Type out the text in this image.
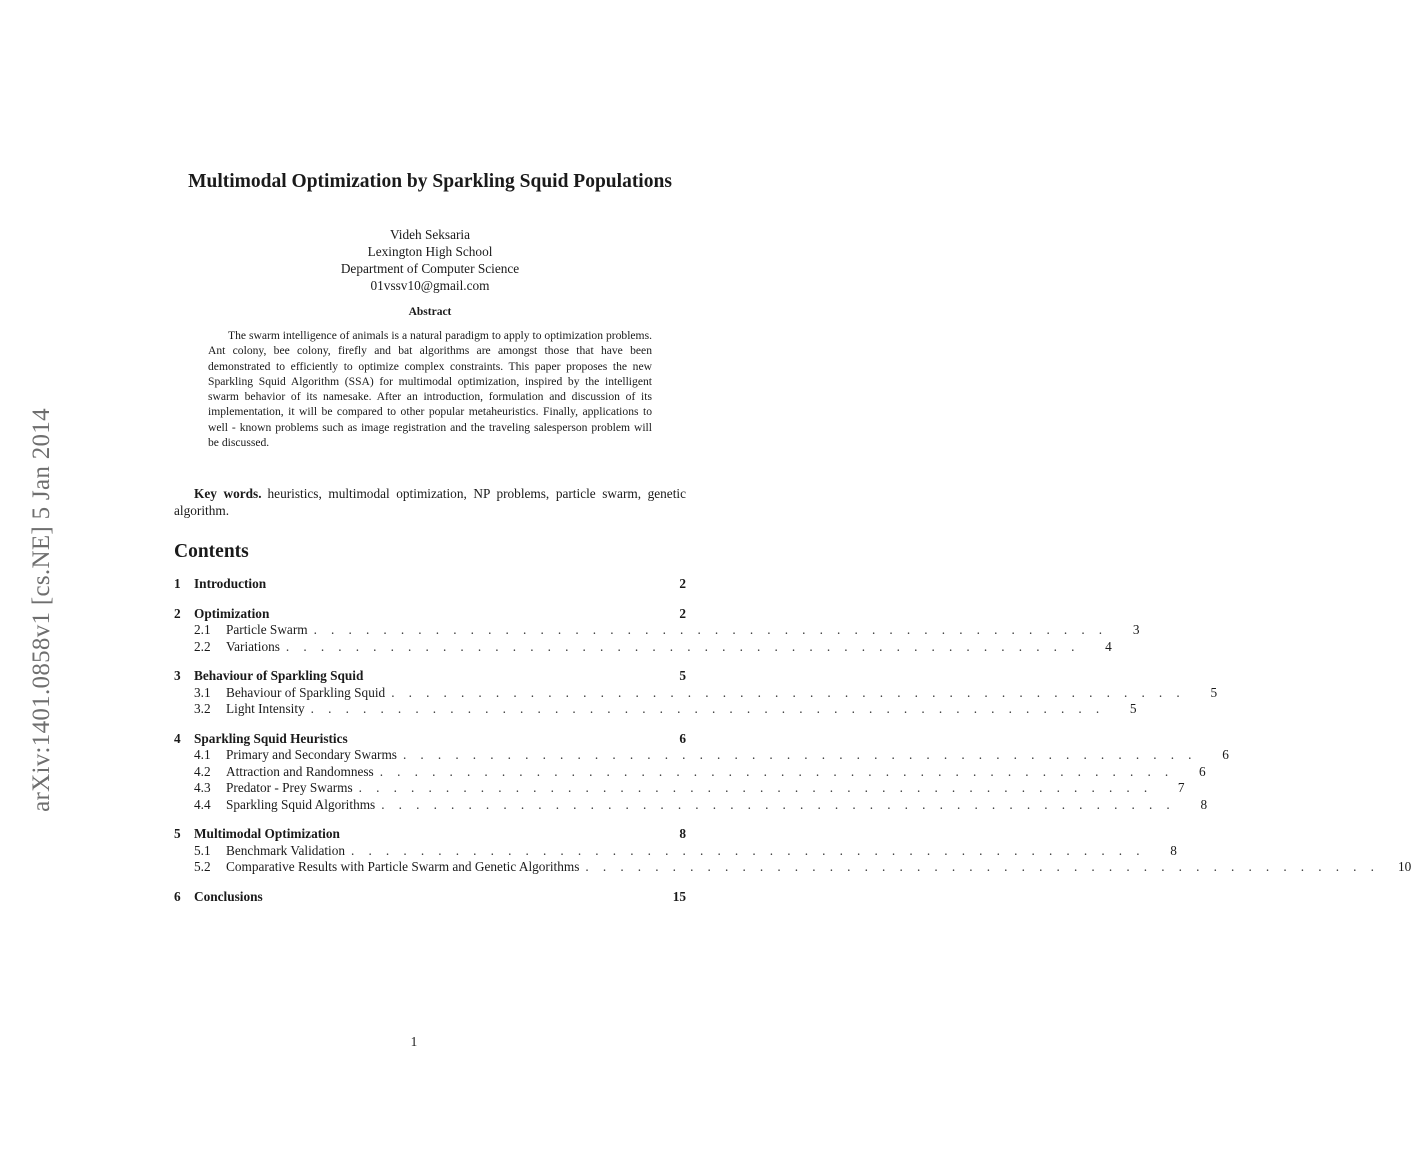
arXiv:1401.0858v1 [cs.NE] 5 Jan 2014
Multimodal Optimization by Sparkling Squid Populations
Videh Seksaria
Lexington High School
Department of Computer Science
01vssv10@gmail.com
Abstract

The swarm intelligence of animals is a natural paradigm to apply to optimization problems. Ant colony, bee colony, firefly and bat algorithms are amongst those that have been demonstrated to efficiently to optimize complex constraints. This paper proposes the new Sparkling Squid Algorithm (SSA) for multimodal optimization, inspired by the intelligent swarm behavior of its namesake. After an introduction, formulation and discussion of its implementation, it will be compared to other popular metaheuristics. Finally, applications to well - known problems such as image registration and the traveling salesperson problem will be discussed.

Key words. heuristics, multimodal optimization, NP problems, particle swarm, genetic algorithm.

Contents
1	Introduction	2
2	Optimization	2
2.1	Particle Swarm . . . . . . . . . . . . . . . . . . . . . . . . . . . . . . . . . . . . . . . . . . . . . .	3
2.2	Variations . . . . . . . . . . . . . . . . . . . . . . . . . . . . . . . . . . . . . . . . . . . . . .	4
3	Behaviour of Sparkling Squid	5
3.1	Behaviour of Sparkling Squid . . . . . . . . . . . . . . . . . . . . . . . . . . . . . . . . . . . . . . . . . . . . . .	5
3.2	Light Intensity . . . . . . . . . . . . . . . . . . . . . . . . . . . . . . . . . . . . . . . . . . . . . .	5
4	Sparkling Squid Heuristics	6
4.1	Primary and Secondary Swarms . . . . . . . . . . . . . . . . . . . . . . . . . . . . . . . . . . . . . . . . . . . . . .	6
4.2	Attraction and Randomness . . . . . . . . . . . . . . . . . . . . . . . . . . . . . . . . . . . . . . . . . . . . . .	6
4.3	Predator - Prey Swarms . . . . . . . . . . . . . . . . . . . . . . . . . . . . . . . . . . . . . . . . . . . . . .	7
4.4	Sparkling Squid Algorithms . . . . . . . . . . . . . . . . . . . . . . . . . . . . . . . . . . . . . . . . . . . . . .	8
5	Multimodal Optimization	8
5.1	Benchmark Validation . . . . . . . . . . . . . . . . . . . . . . . . . . . . . . . . . . . . . . . . . . . . . .	8
5.2	Comparative Results with Particle Swarm and Genetic Algorithms . . . . . . . . . . . . . . . . . . . . . . . . . . . . . . . . . . . . . . . . . . . . . .	10
6	Conclusions	15
1
